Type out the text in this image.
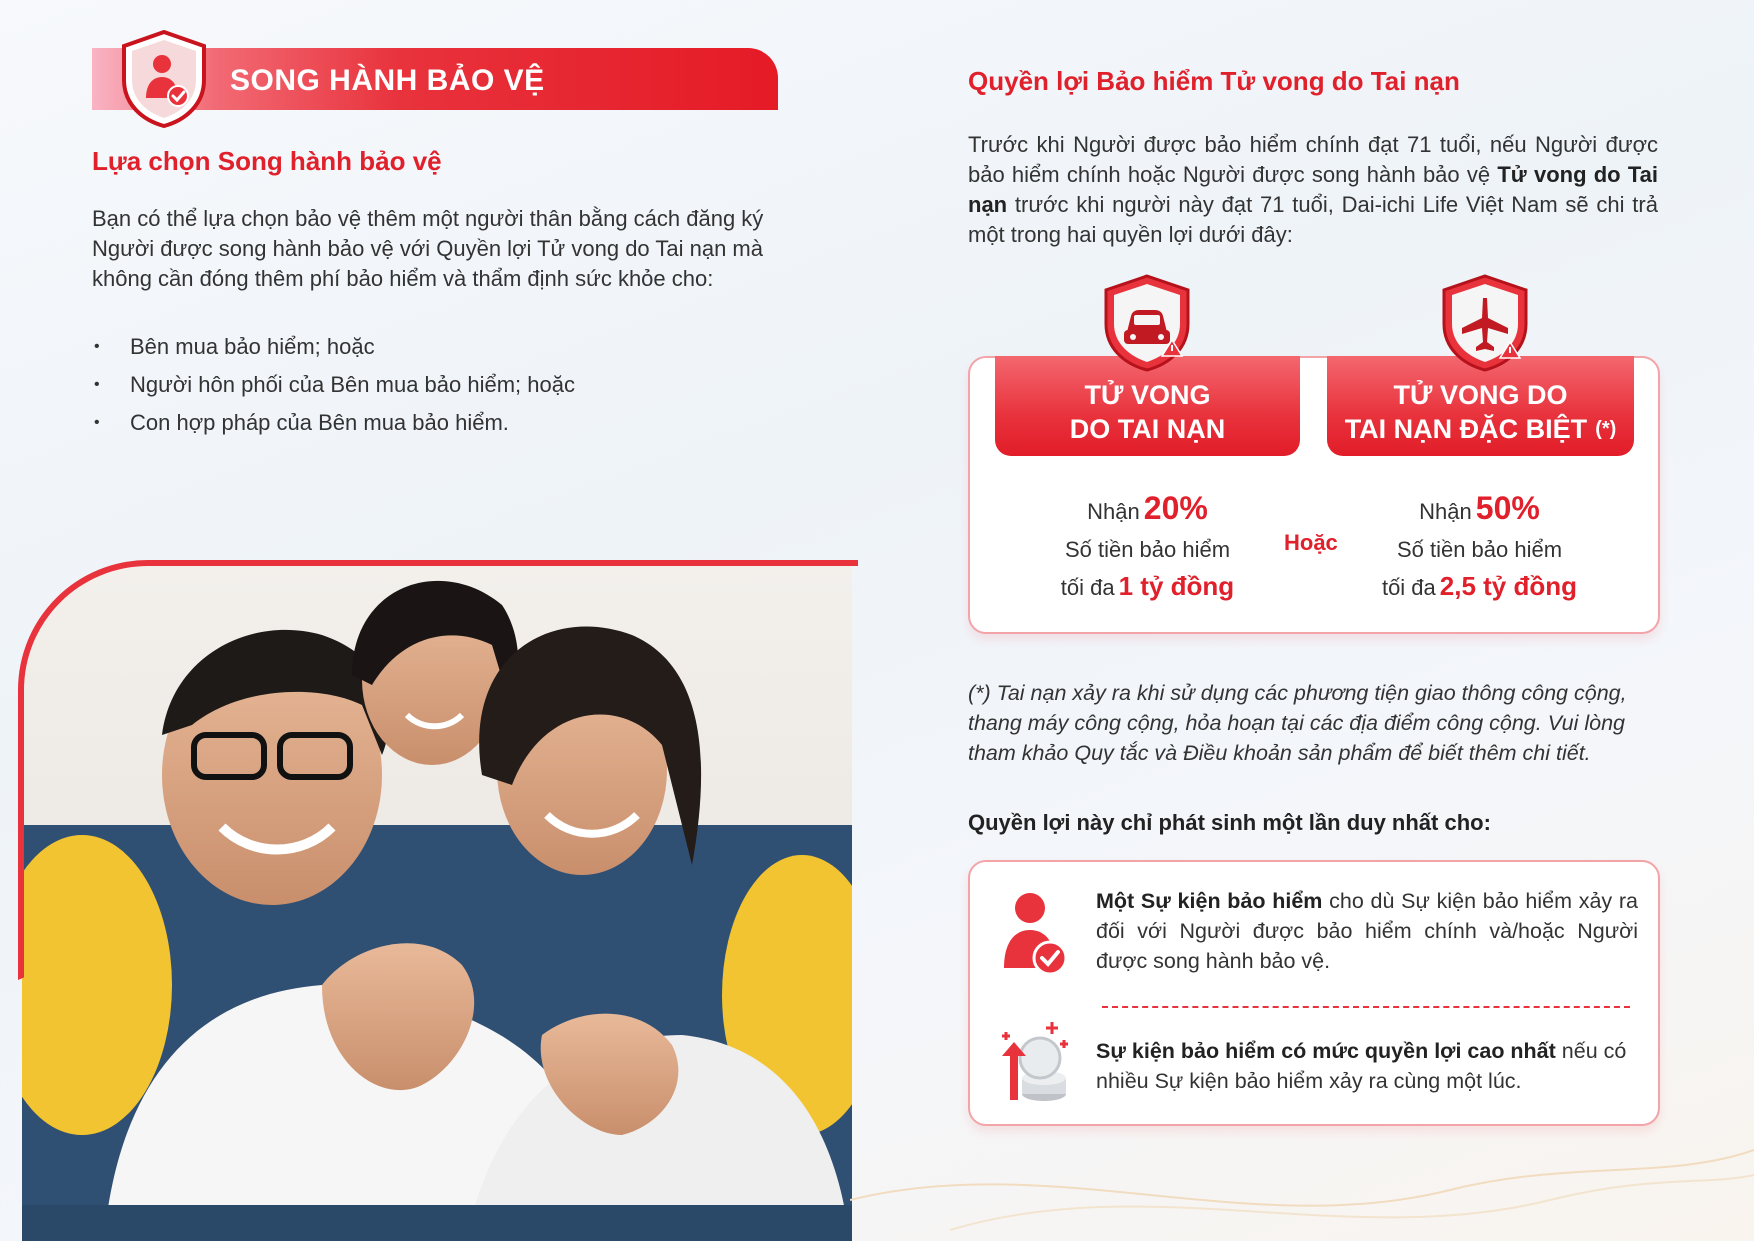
SONG HÀNH BẢO VỆ
Lựa chọn Song hành bảo vệ

Bạn có thể lựa chọn bảo vệ thêm một người thân bằng cách đăng ký Người được song hành bảo vệ với Quyền lợi Tử vong do Tai nạn mà không cần đóng thêm phí bảo hiểm và thẩm định sức khỏe cho:

• Bên mua bảo hiểm; hoặc
• Người hôn phối của Bên mua bảo hiểm; hoặc
• Con hợp pháp của Bên mua bảo hiểm.
Quyền lợi Bảo hiểm Tử vong do Tai nạn

Trước khi Người được bảo hiểm chính đạt 71 tuổi, nếu Người được bảo hiểm chính hoặc Người được song hành bảo vệ Tử vong do Tai nạn trước khi người này đạt 71 tuổi, Dai-ichi Life Việt Nam sẽ chi trả một trong hai quyền lợi dưới đây:

TỬ VONG
DO TAI NẠN
TỬ VONG DO
TAI NẠN ĐẶC BIỆT (*)
Nhận 20%
Số tiền bảo hiểm
tối đa 1 tỷ đồng
Hoặc
Nhận 50%
Số tiền bảo hiểm
tối đa 2,5 tỷ đồng

(*) Tai nạn xảy ra khi sử dụng các phương tiện giao thông công cộng, thang máy công cộng, hỏa hoạn tại các địa điểm công cộng. Vui lòng tham khảo Quy tắc và Điều khoản sản phẩm để biết thêm chi tiết.

Quyền lợi này chỉ phát sinh một lần duy nhất cho:

Một Sự kiện bảo hiểm cho dù Sự kiện bảo hiểm xảy ra đối với Người được bảo hiểm chính và/hoặc Người được song hành bảo vệ.

Sự kiện bảo hiểm có mức quyền lợi cao nhất nếu có nhiều Sự kiện bảo hiểm xảy ra cùng một lúc.
